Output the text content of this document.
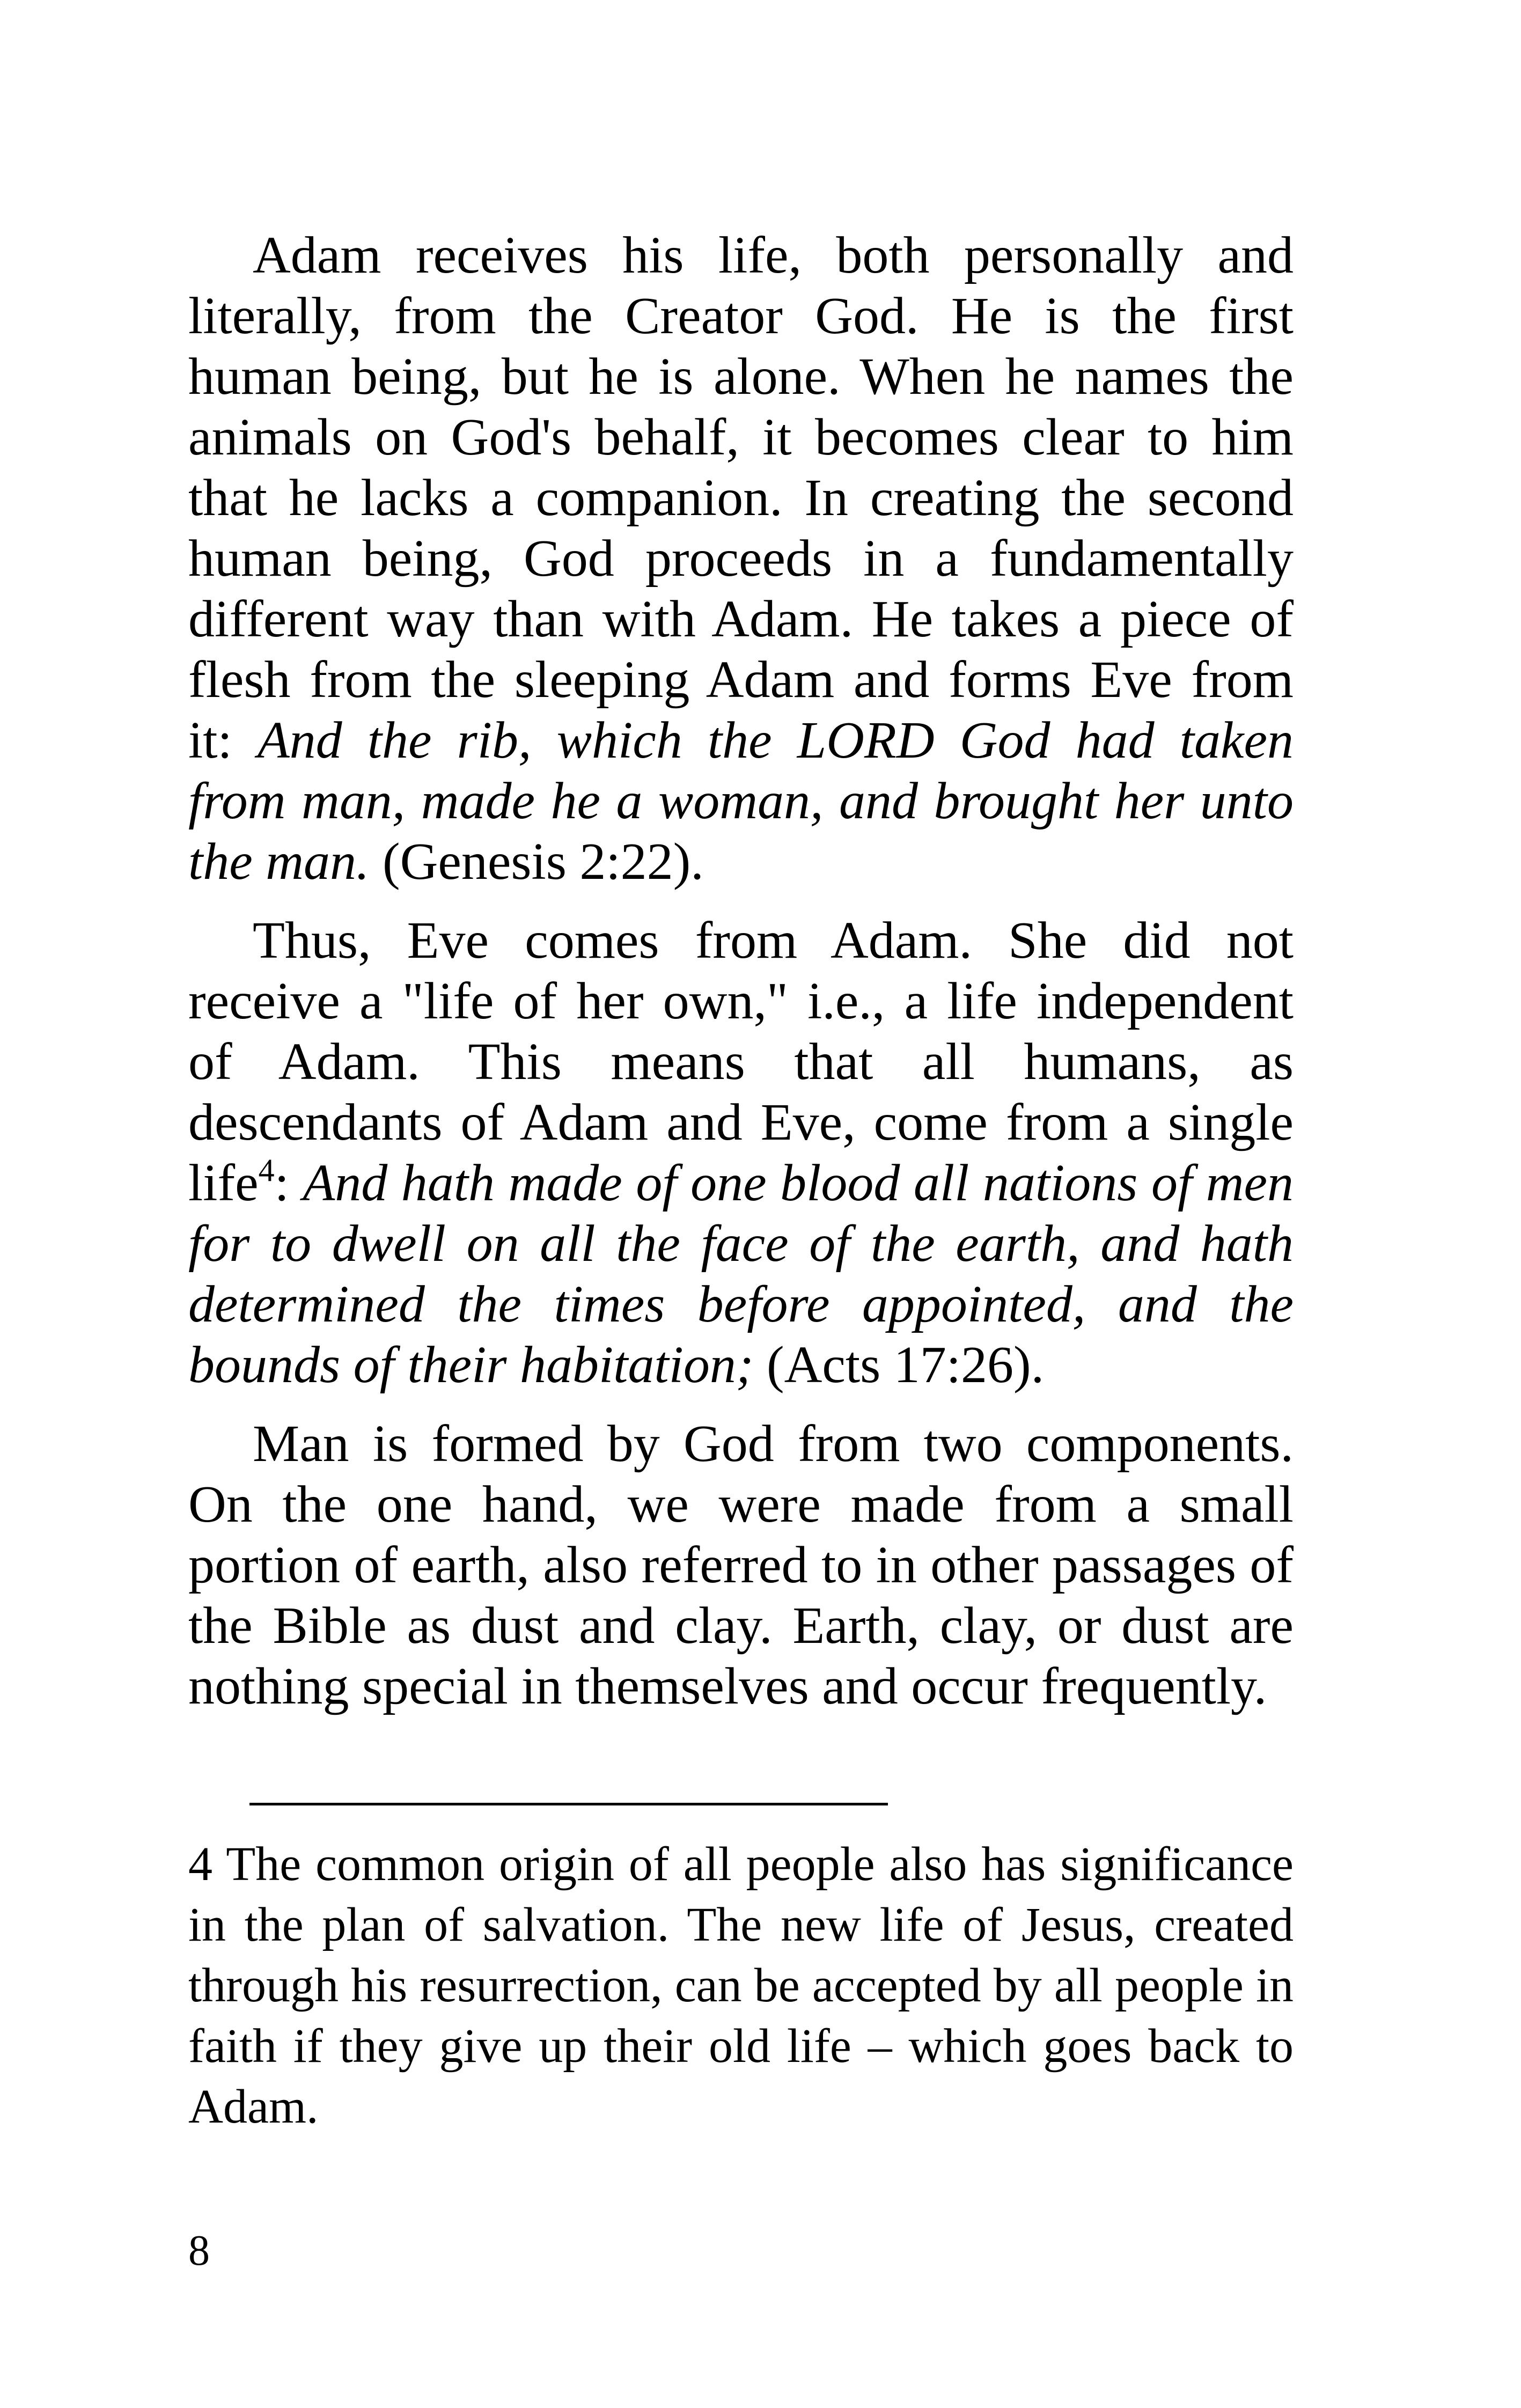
Adam receives his life, both personally and literally, from the Creator God. He is the first human being, but he is alone. When he names the animals on God's behalf, it becomes clear to him that he lacks a companion. In creating the second human being, God proceeds in a fundamentally different way than with Adam. He takes a piece of flesh from the sleeping Adam and forms Eve from it: And the rib, which the LORD God had taken from man, made he a woman, and brought her unto the man. (Genesis 2:22).

Thus, Eve comes from Adam. She did not receive a "life of her own," i.e., a life independent of Adam. This means that all humans, as descendants of Adam and Eve, come from a single life$^4$: And hath made of one blood all nations of men for to dwell on all the face of the earth, and hath determined the times before appointed, and the bounds of their habitation; (Acts 17:26).

Man is formed by God from two components. On the one hand, we were made from a small portion of earth, also referred to in other passages of the Bible as dust and clay. Earth, clay, or dust are nothing special in themselves and occur frequently.

4 The common origin of all people also has significance in the plan of salvation. The new life of Jesus, created through his resurrection, can be accepted by all people in faith if they give up their old life – which goes back to Adam.

8
